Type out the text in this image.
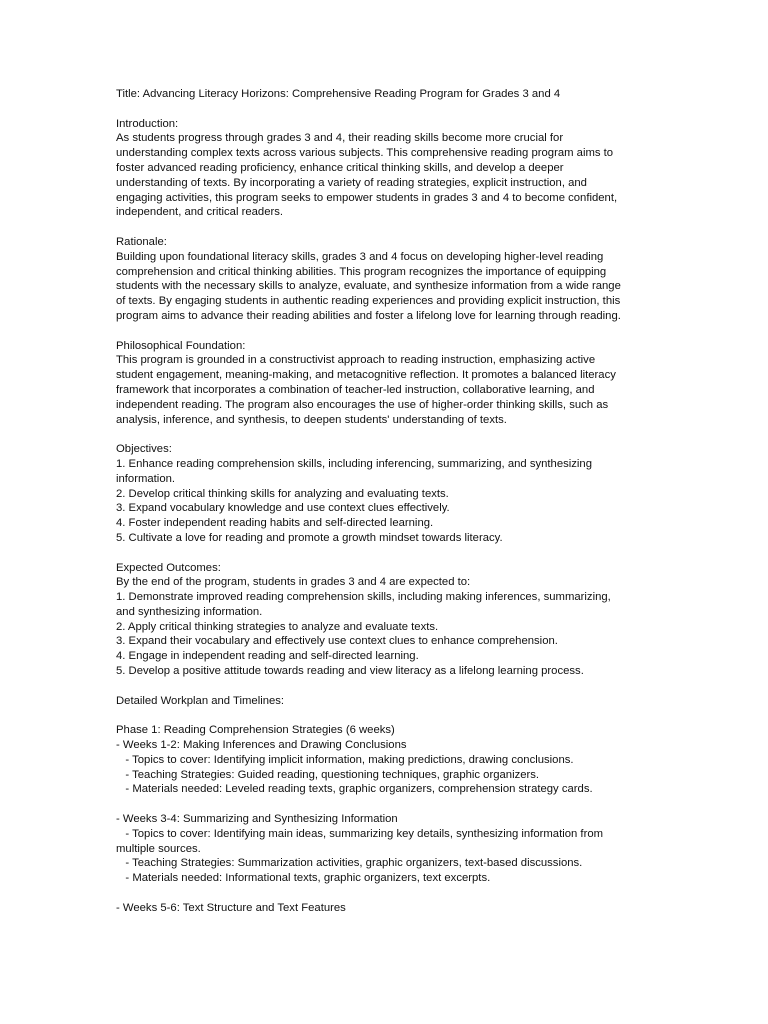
Title: Advancing Literacy Horizons: Comprehensive Reading Program for Grades 3 and 4
Introduction:
As students progress through grades 3 and 4, their reading skills become more crucial for
understanding complex texts across various subjects. This comprehensive reading program aims to
foster advanced reading proficiency, enhance critical thinking skills, and develop a deeper
understanding of texts. By incorporating a variety of reading strategies, explicit instruction, and
engaging activities, this program seeks to empower students in grades 3 and 4 to become confident,
independent, and critical readers.
Rationale:
Building upon foundational literacy skills, grades 3 and 4 focus on developing higher-level reading
comprehension and critical thinking abilities. This program recognizes the importance of equipping
students with the necessary skills to analyze, evaluate, and synthesize information from a wide range
of texts. By engaging students in authentic reading experiences and providing explicit instruction, this
program aims to advance their reading abilities and foster a lifelong love for learning through reading.
Philosophical Foundation:
This program is grounded in a constructivist approach to reading instruction, emphasizing active
student engagement, meaning-making, and metacognitive reflection. It promotes a balanced literacy
framework that incorporates a combination of teacher-led instruction, collaborative learning, and
independent reading. The program also encourages the use of higher-order thinking skills, such as
analysis, inference, and synthesis, to deepen students' understanding of texts.
Objectives:
1. Enhance reading comprehension skills, including inferencing, summarizing, and synthesizing
information.
2. Develop critical thinking skills for analyzing and evaluating texts.
3. Expand vocabulary knowledge and use context clues effectively.
4. Foster independent reading habits and self-directed learning.
5. Cultivate a love for reading and promote a growth mindset towards literacy.
Expected Outcomes:
By the end of the program, students in grades 3 and 4 are expected to:
1. Demonstrate improved reading comprehension skills, including making inferences, summarizing,
and synthesizing information.
2. Apply critical thinking strategies to analyze and evaluate texts.
3. Expand their vocabulary and effectively use context clues to enhance comprehension.
4. Engage in independent reading and self-directed learning.
5. Develop a positive attitude towards reading and view literacy as a lifelong learning process.
Detailed Workplan and Timelines:
Phase 1: Reading Comprehension Strategies (6 weeks)
- Weeks 1-2: Making Inferences and Drawing Conclusions
- Topics to cover: Identifying implicit information, making predictions, drawing conclusions.
- Teaching Strategies: Guided reading, questioning techniques, graphic organizers.
- Materials needed: Leveled reading texts, graphic organizers, comprehension strategy cards.
- Weeks 3-4: Summarizing and Synthesizing Information
- Topics to cover: Identifying main ideas, summarizing key details, synthesizing information from
multiple sources.
- Teaching Strategies: Summarization activities, graphic organizers, text-based discussions.
- Materials needed: Informational texts, graphic organizers, text excerpts.
- Weeks 5-6: Text Structure and Text Features
